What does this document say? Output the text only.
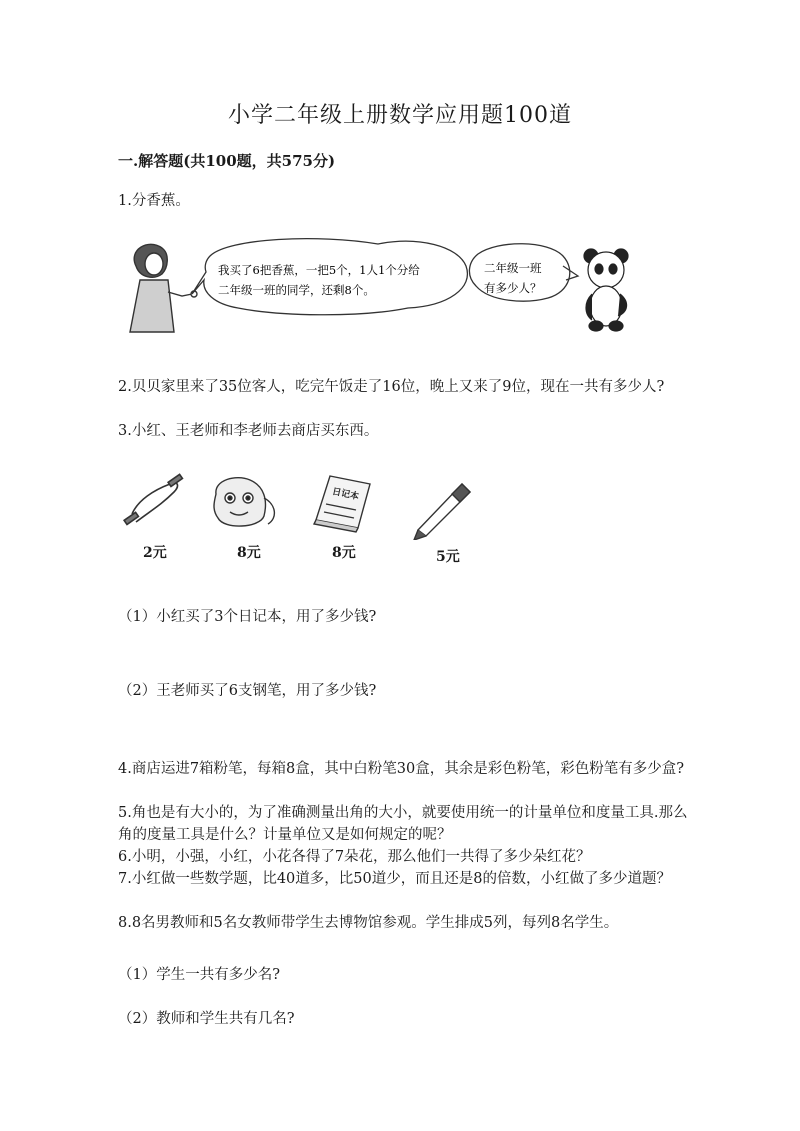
小学二年级上册数学应用题100道
一.解答题(共100题，共575分)
1.分香蕉。
我买了6把香蕉，一把5个，1人1个分给
二年级一班的同学，还剩8个。
二年级一班
有多少人？
2.贝贝家里来了35位客人，吃完午饭走了16位，晚上又来了9位，现在一共有多少人?
3.小红、王老师和李老师去商店买东西。
日记本
2元	8元	8元	5元
（1）小红买了3个日记本，用了多少钱?
（2）王老师买了6支钢笔，用了多少钱?
4.商店运进7箱粉笔，每箱8盒，其中白粉笔30盒，其余是彩色粉笔，彩色粉笔有多少盒?
5.角也是有大小的，为了准确测量出角的大小，就要使用统一的计量单位和度量工具.那么角的度量工具是什么？计量单位又是如何规定的呢？
6.小明，小强，小红，小花各得了7朵花，那么他们一共得了多少朵红花？
7.小红做一些数学题，比40道多，比50道少，而且还是8的倍数，小红做了多少道题？
8.8名男教师和5名女教师带学生去博物馆参观。学生排成5列，每列8名学生。
（1）学生一共有多少名?
（2）教师和学生共有几名?
